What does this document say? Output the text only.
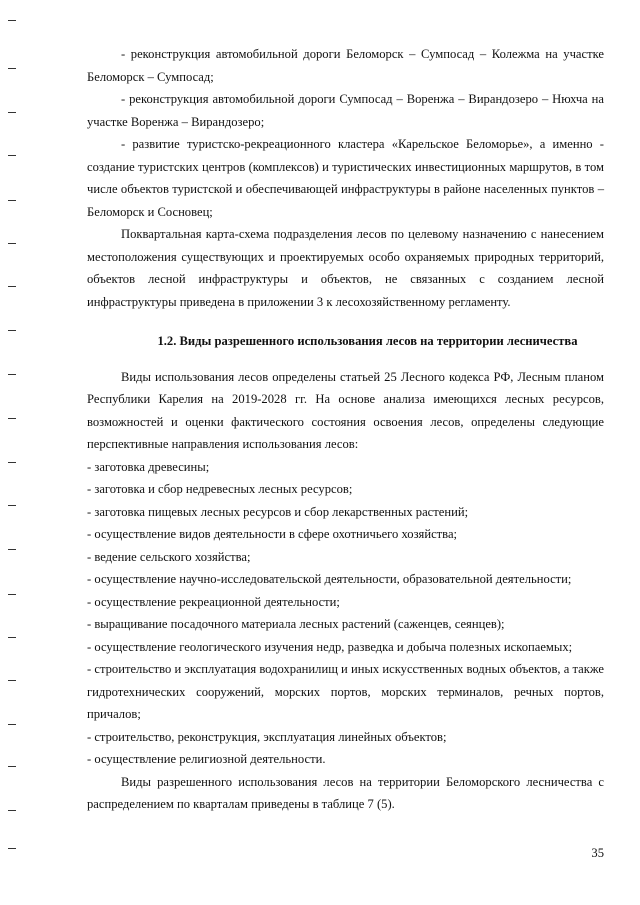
- реконструкция автомобильной дороги Беломорск – Сумпосад – Колежма на участке Беломорск – Сумпосад;

- реконструкция автомобильной дороги Сумпосад – Воренжа – Вирандозеро – Нюхча на участке Воренжа – Вирандозеро;

- развитие туристско-рекреационного кластера «Карельское Беломорье», а именно - создание туристских центров (комплексов) и туристических инвестиционных маршрутов, в том числе объектов туристской и обеспечивающей инфраструктуры в районе населенных пунктов – Беломорск и Сосновец;

Поквартальная карта-схема подразделения лесов по целевому назначению с нанесением местоположения существующих и проектируемых особо охраняемых природных территорий, объектов лесной инфраструктуры и объектов, не связанных с созданием лесной инфраструктуры приведена в приложении 3 к лесохозяйственному регламенту.

1.2. Виды разрешенного использования лесов на территории лесничества

Виды использования лесов определены статьей 25 Лесного кодекса РФ, Лесным планом Республики Карелия на 2019-2028 гг. На основе анализа имеющихся лесных ресурсов, возможностей и оценки фактического состояния освоения лесов, определены следующие перспективные направления использования лесов:

- заготовка древесины;
- заготовка и сбор недревесных лесных ресурсов;
- заготовка пищевых лесных ресурсов и сбор лекарственных растений;
- осуществление видов деятельности в сфере охотничьего хозяйства;
- ведение сельского хозяйства;
- осуществление научно-исследовательской деятельности, образовательной деятельности;
- осуществление рекреационной деятельности;
- выращивание посадочного материала лесных растений (саженцев, сеянцев);
- осуществление геологического изучения недр, разведка и добыча полезных ископаемых;
- строительство и эксплуатация водохранилищ и иных искусственных водных объектов, а также гидротехнических сооружений, морских портов, морских терминалов, речных портов, причалов;
- строительство, реконструкция, эксплуатация линейных объектов;
- осуществление религиозной деятельности.

Виды разрешенного использования лесов на территории Беломорского лесничества с распределением по кварталам приведены в таблице 7 (5).

35
